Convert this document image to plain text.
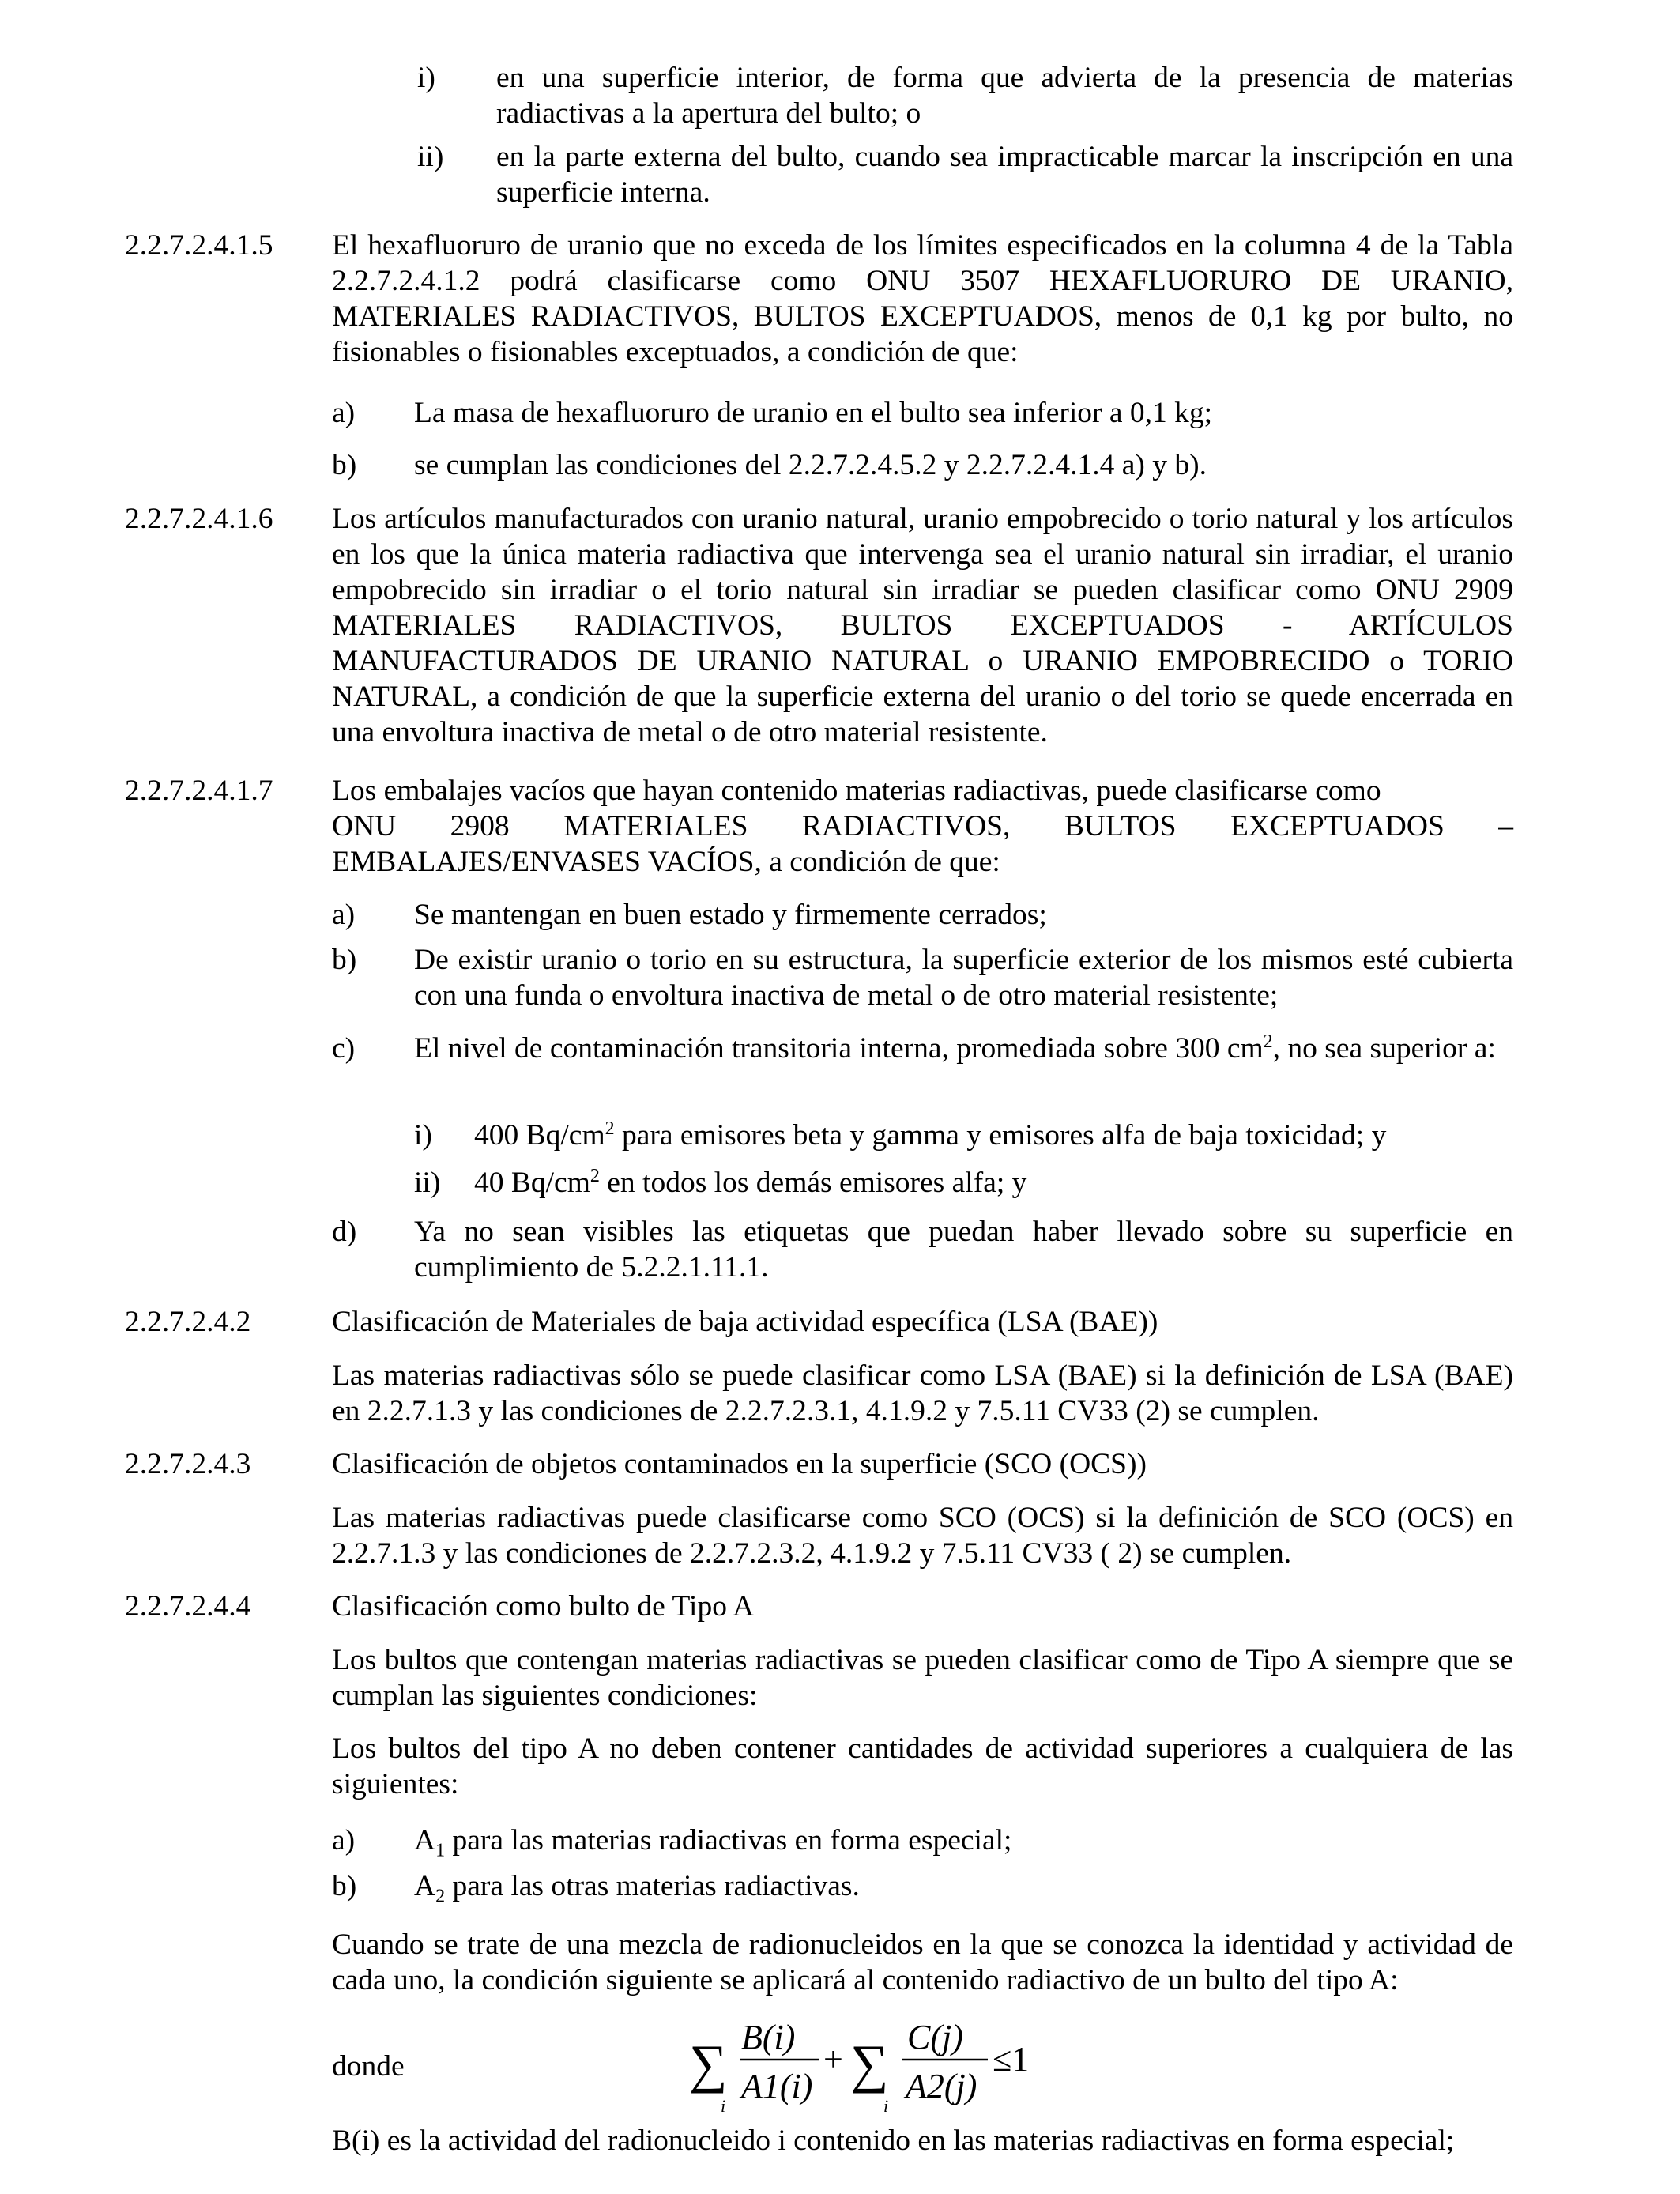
i) en una superficie interior, de forma que advierta de la presencia de materias radiactivas a la apertura del bulto; o
ii) en la parte externa del bulto, cuando sea impracticable marcar la inscripción en una superficie interna.
2.2.7.2.4.1.5 El hexafluoruro de uranio que no exceda de los límites especificados en la columna 4 de la Tabla 2.2.7.2.4.1.2 podrá clasificarse como ONU 3507 HEXAFLUORURO DE URANIO, MATERIALES RADIACTIVOS, BULTOS EXCEPTUADOS, menos de 0,1 kg por bulto, no fisionables o fisionables exceptuados, a condición de que:
a) La masa de hexafluoruro de uranio en el bulto sea inferior a 0,1 kg;
b) se cumplan las condiciones del 2.2.7.2.4.5.2 y 2.2.7.2.4.1.4 a) y b).
2.2.7.2.4.1.6 Los artículos manufacturados con uranio natural, uranio empobrecido o torio natural y los artículos en los que la única materia radiactiva que intervenga sea el uranio natural sin irradiar, el uranio empobrecido sin irradiar o el torio natural sin irradiar se pueden clasificar como ONU 2909 MATERIALES RADIACTIVOS, BULTOS EXCEPTUADOS - ARTÍCULOS MANUFACTURADOS DE URANIO NATURAL o URANIO EMPOBRECIDO o TORIO NATURAL, a condición de que la superficie externa del uranio o del torio se quede encerrada en una envoltura inactiva de metal o de otro material resistente.
2.2.7.2.4.1.7 Los embalajes vacíos que hayan contenido materias radiactivas, puede clasificarse como
ONU 2908 MATERIALES RADIACTIVOS, BULTOS EXCEPTUADOS –
EMBALAJES/ENVASES VACÍOS, a condición de que:
a) Se mantengan en buen estado y firmemente cerrados;
b) De existir uranio o torio en su estructura, la superficie exterior de los mismos esté cubierta con una funda o envoltura inactiva de metal o de otro material resistente;
c) El nivel de contaminación transitoria interna, promediada sobre 300 $cm^2$, no sea superior a:
i) 400 $Bq/cm^2$ para emisores beta y gamma y emisores alfa de baja toxicidad; y
ii) 40 $Bq/cm^2$ en todos los demás emisores alfa; y
d) Ya no sean visibles las etiquetas que puedan haber llevado sobre su superficie en cumplimiento de 5.2.2.1.11.1.
2.2.7.2.4.2	Clasificación de Materiales de baja actividad específica (LSA (BAE))
Las materias radiactivas sólo se puede clasificar como LSA (BAE) si la definición de LSA (BAE) en 2.2.7.1.3 y las condiciones de 2.2.7.2.3.1, 4.1.9.2 y 7.5.11 CV33 (2) se cumplen.
2.2.7.2.4.3	Clasificación de objetos contaminados en la superficie (SCO (OCS))
Las materias radiactivas puede clasificarse como SCO (OCS) si la definición de SCO (OCS) en 2.2.7.1.3 y las condiciones de 2.2.7.2.3.2, 4.1.9.2 y 7.5.11 CV33 ( 2) se cumplen.
2.2.7.2.4.4	Clasificación como bulto de Tipo A
Los bultos que contengan materias radiactivas se pueden clasificar como de Tipo A siempre que se cumplan las siguientes condiciones:
Los bultos del tipo A no deben contener cantidades de actividad superiores a cualquiera de las siguientes:
a) $A_1$ para las materias radiactivas en forma especial;
b) $A_2$ para las otras materias radiactivas.
Cuando se trate de una mezcla de radionucleidos en la que se conozca la identidad y actividad de cada uno, la condición siguiente se aplicará al contenido radiactivo de un bulto del tipo A:
donde	∑
i
B(i)
A1(i)
+ ∑
i
C(j)
A2(j)
≤1
B(i) es la actividad del radionucleido i contenido en las materias radiactivas en forma especial;
